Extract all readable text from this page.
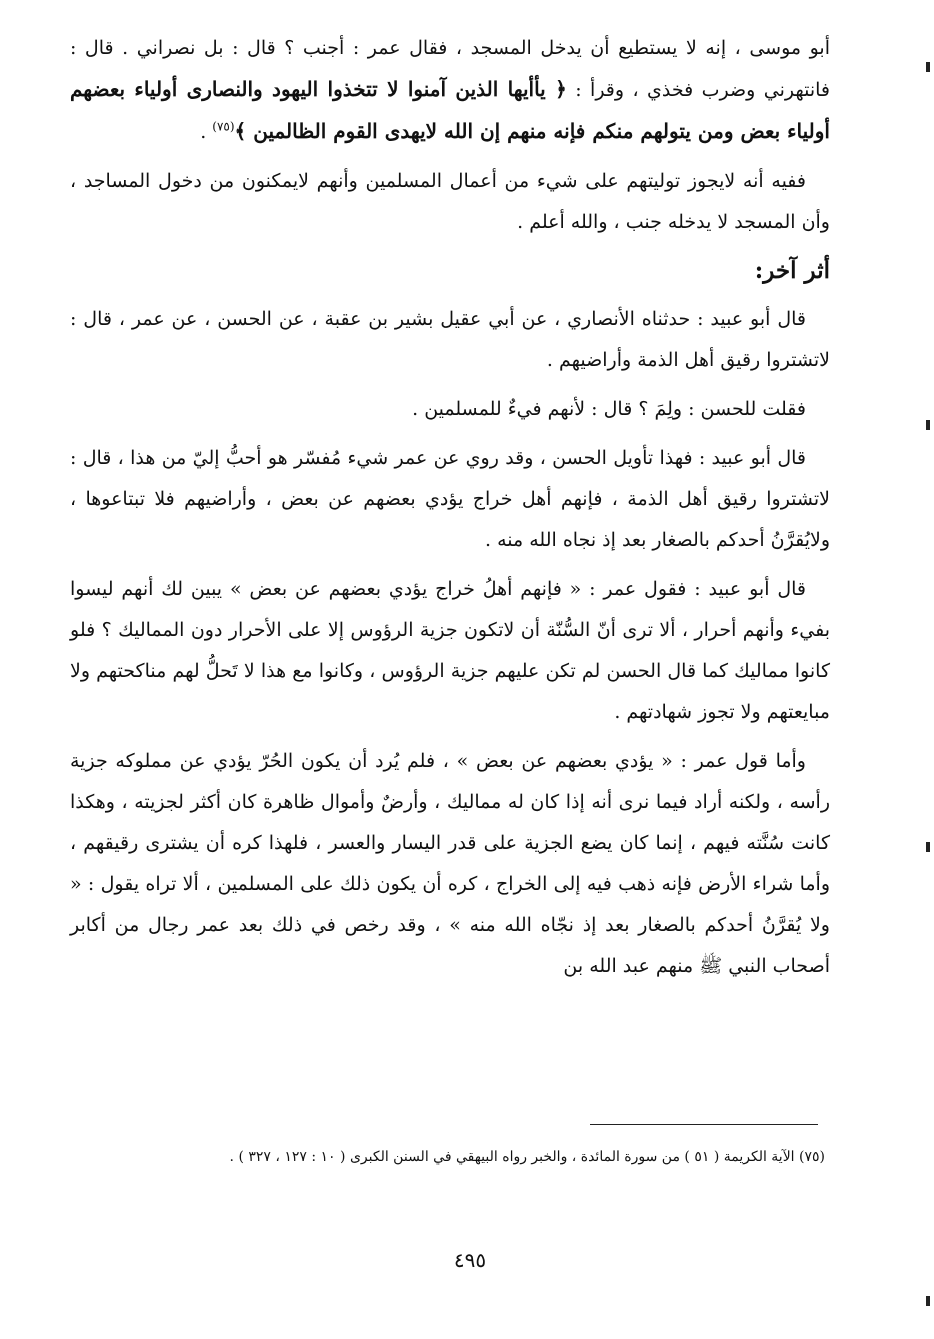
أبو موسى ، إنه لا يستطيع أن يدخل المسجد ، فقال عمر : أجنب ؟ قال : بل نصراني . قال : فانتهرني وضرب فخذي ، وقرأ : ﴿ يأأيها الذين آمنوا لا تتخذوا اليهود والنصارى أولياء بعضهم أولياء بعض ومن يتولهم منكم فإنه منهم إن الله لايهدى القوم الظالمين ﴾$^{(٧٥)}$ .

ففيه أنه لايجوز توليتهم على شيء من أعمال المسلمين وأنهم لايمكنون من دخول المساجد ، وأن المسجد لا يدخله جنب ، والله أعلم .

أثر آخر:

قال أبو عبيد : حدثناه الأنصاري ، عن أبي عقيل بشير بن عقبة ، عن الحسن ، عن عمر ، قال : لاتشتروا رقيق أهل الذمة وأراضيهم .

فقلت للحسن : ولِمَ ؟ قال : لأنهم فيءٌ للمسلمين .

قال أبو عبيد : فهذا تأويل الحسن ، وقد روي عن عمر شيء مُفسّر هو أحبُّ إليّ من هذا ، قال : لاتشتروا رقيق أهل الذمة ، فإنهم أهل خراج يؤدي بعضهم عن بعض ، وأراضيهم فلا تبتاعوها ، ولايُقرَّنُ أحدكم بالصغار بعد إذ نجاه الله منه .

قال أبو عبيد : فقول عمر : « فإنهم أهلُ خراج يؤدي بعضهم عن بعض » يبين لك أنهم ليسوا بفيء وأنهم أحرار ، ألا ترى أنّ السُّنّة أن لاتكون جزية الرؤوس إلا على الأحرار دون المماليك ؟ فلو كانوا مماليك كما قال الحسن لم تكن عليهم جزية الرؤوس ، وكانوا مع هذا لا تَحلُّ لهم مناكحتهم ولا مبايعتهم ولا تجوز شهادتهم .

وأما قول عمر : « يؤدي بعضهم عن بعض » ، فلم يُرد أن يكون الحُرّ يؤدي عن مملوكه جزية رأسه ، ولكنه أراد فيما نرى أنه إذا كان له مماليك ، وأرضٌ وأموال ظاهرة كان أكثر لجزيته ، وهكذا كانت سُنَّته فيهم ، إنما كان يضع الجزية على قدر اليسار والعسر ، فلهذا كره أن يشترى رقيقهم ، وأما شراء الأرض فإنه ذهب فيه إلى الخراج ، كره أن يكون ذلك على المسلمين ، ألا تراه يقول : « ولا يُقرَّنُ أحدكم بالصغار بعد إذ نجّاه الله منه » ، وقد رخص في ذلك بعد عمر رجال من أكابر أصحاب النبي ﷺ منهم عبد الله بن

(٧٥) الآية الكريمة ( ٥١ ) من سورة المائدة ، والخبر رواه البيهقي في السنن الكبرى ( ١٠ : ١٢٧ ، ٣٢٧ ) .
٤٩٥
